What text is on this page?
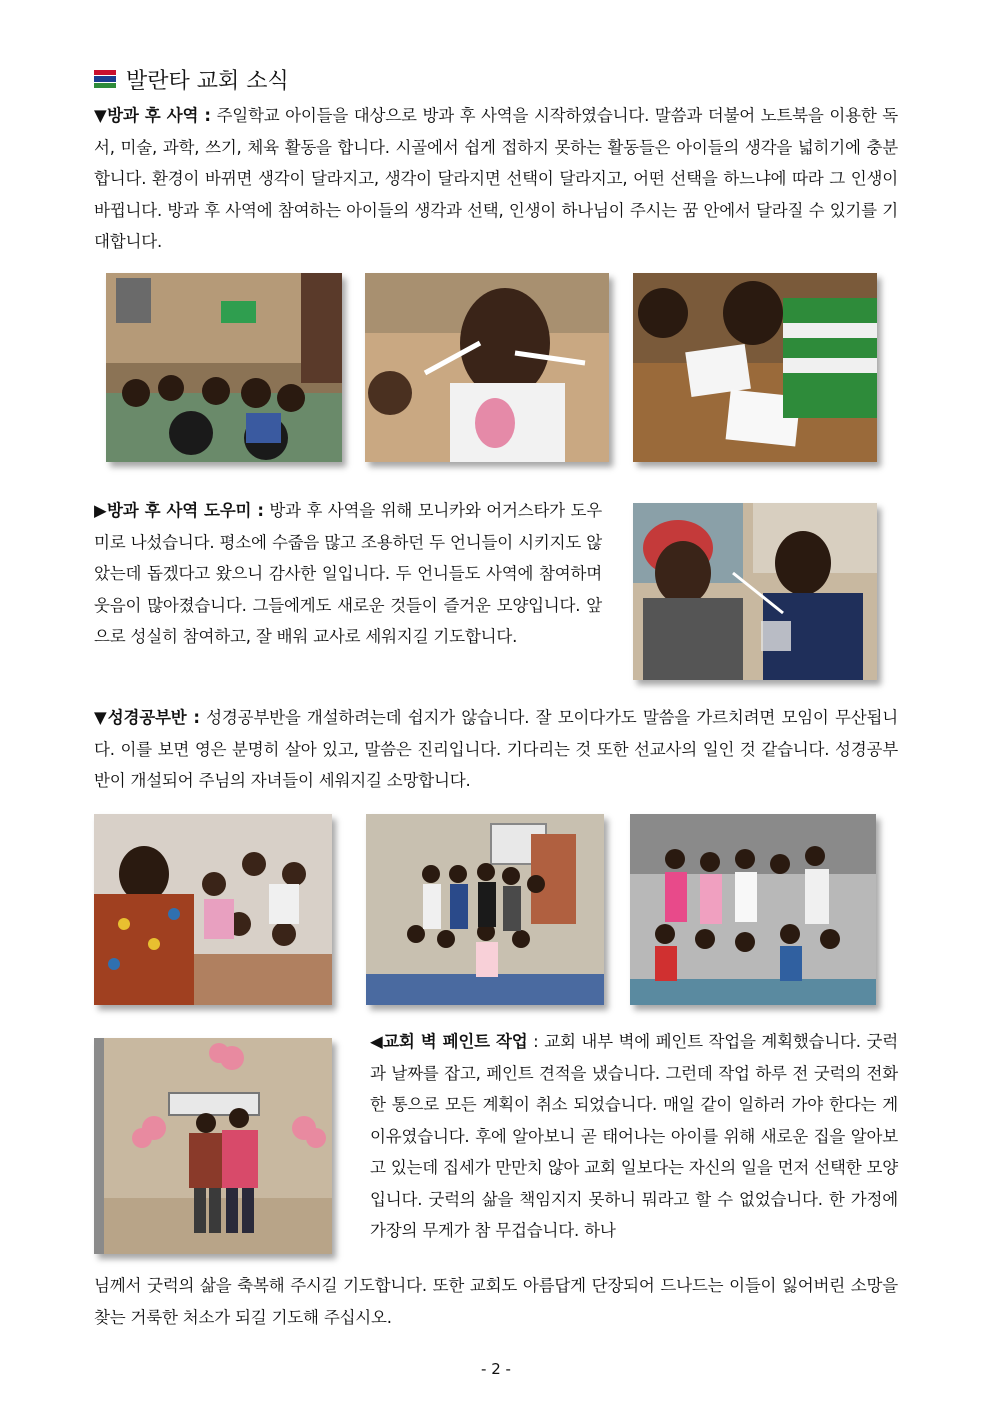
발란타 교회 소식

▼방과 후 사역 : 주일학교 아이들을 대상으로 방과 후 사역을 시작하였습니다. 말씀과 더불어 노트북을 이용한 독서, 미술, 과학, 쓰기, 체육 활동을 합니다. 시골에서 쉽게 접하지 못하는 활동들은 아이들의 생각을 넓히기에 충분합니다. 환경이 바뀌면 생각이 달라지고, 생각이 달라지면 선택이 달라지고, 어떤 선택을 하느냐에 따라 그 인생이 바뀝니다. 방과 후 사역에 참여하는 아이들의 생각과 선택, 인생이 하나님이 주시는 꿈 안에서 달라질 수 있기를 기대합니다.

▶방과 후 사역 도우미 : 방과 후 사역을 위해 모니카와 어거스타가 도우미로 나섰습니다. 평소에 수줍음 많고 조용하던 두 언니들이 시키지도 않았는데 돕겠다고 왔으니 감사한 일입니다. 두 언니들도 사역에 참여하며 웃음이 많아졌습니다. 그들에게도 새로운 것들이 즐거운 모양입니다. 앞으로 성실히 참여하고, 잘 배워 교사로 세워지길 기도합니다.

▼성경공부반 : 성경공부반을 개설하려는데 쉽지가 않습니다. 잘 모이다가도 말씀을 가르치려면 모임이 무산됩니다. 이를 보면 영은 분명히 살아 있고, 말씀은 진리입니다. 기다리는 것 또한 선교사의 일인 것 같습니다. 성경공부반이 개설되어 주님의 자녀들이 세워지길 소망합니다.

◀교회 벽 페인트 작업 : 교회 내부 벽에 페인트 작업을 계획했습니다. 굿럭과 날짜를 잡고, 페인트 견적을 냈습니다. 그런데 작업 하루 전 굿럭의 전화 한 통으로 모든 계획이 취소 되었습니다. 매일 같이 일하러 가야 한다는 게 이유였습니다. 후에 알아보니 곧 태어나는 아이를 위해 새로운 집을 알아보고 있는데 집세가 만만치 않아 교회 일보다는 자신의 일을 먼저 선택한 모양입니다. 굿럭의 삶을 책임지지 못하니 뭐라고 할 수 없었습니다. 한 가정에 가장의 무게가 참 무겁습니다. 하나

님께서 굿럭의 삶을 축복해 주시길 기도합니다. 또한 교회도 아름답게 단장되어 드나드는 이들이 잃어버린 소망을 찾는 거룩한 처소가 되길 기도해 주십시오.

- 2 -
